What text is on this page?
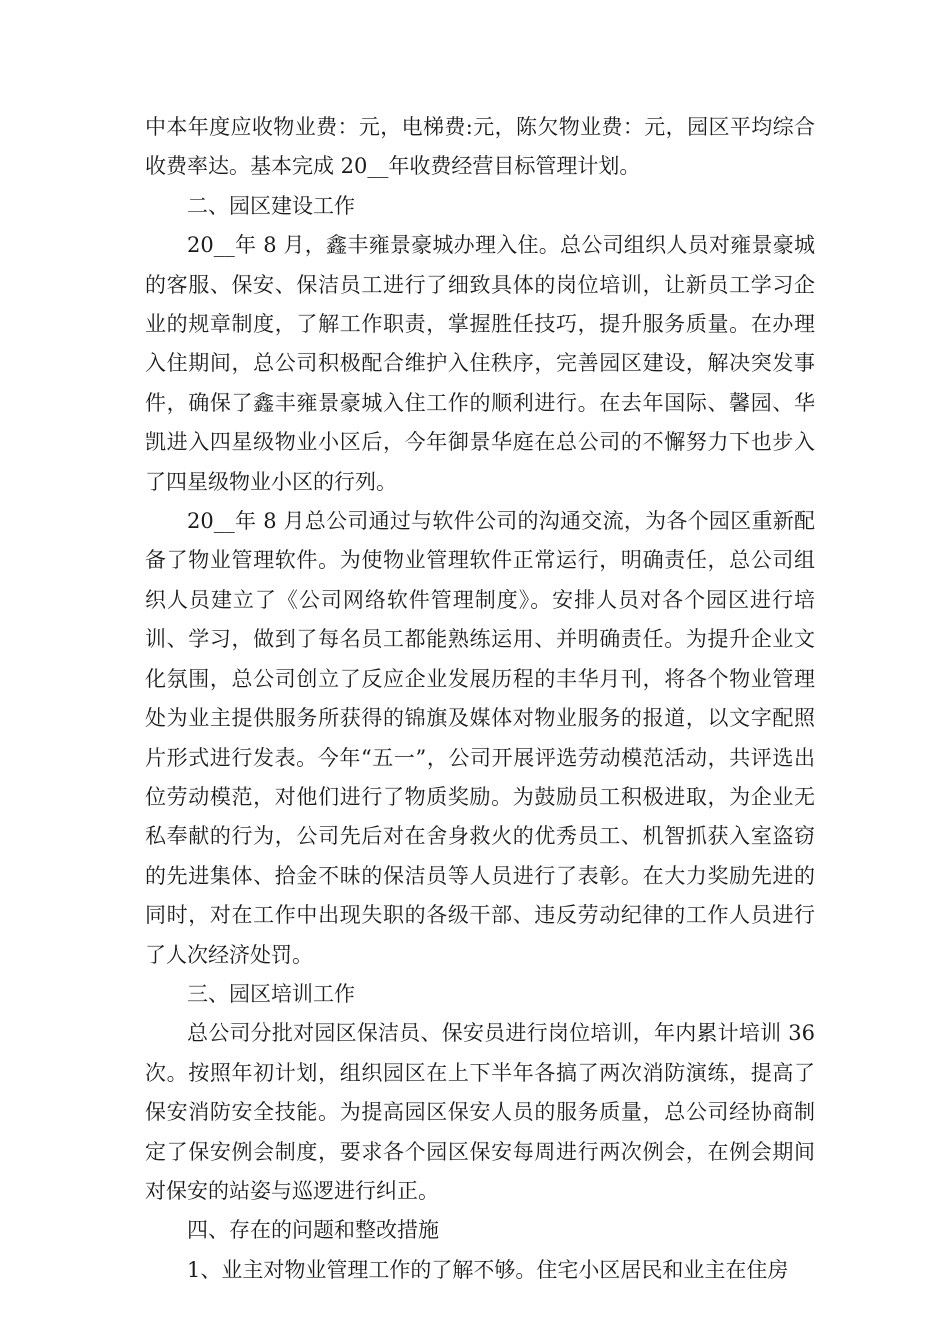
中本年度应收物业费：元，电梯费:元，陈欠物业费：元，园区平均综合收费率达。基本完成 20__年收费经营目标管理计划。

二、园区建设工作

20__年 8 月，鑫丰雍景豪城办理入住。总公司组织人员对雍景豪城的客服、保安、保洁员工进行了细致具体的岗位培训，让新员工学习企业的规章制度，了解工作职责，掌握胜任技巧，提升服务质量。在办理入住期间，总公司积极配合维护入住秩序，完善园区建设，解决突发事件，确保了鑫丰雍景豪城入住工作的顺利进行。在去年国际、馨园、华凯进入四星级物业小区后，今年御景华庭在总公司的不懈努力下也步入了四星级物业小区的行列。

20__年 8 月总公司通过与软件公司的沟通交流，为各个园区重新配备了物业管理软件。为使物业管理软件正常运行，明确责任，总公司组织人员建立了《公司网络软件管理制度》。安排人员对各个园区进行培训、学习，做到了每名员工都能熟练运用、并明确责任。为提升企业文化氛围，总公司创立了反应企业发展历程的丰华月刊，将各个物业管理处为业主提供服务所获得的锦旗及媒体对物业服务的报道，以文字配照片形式进行发表。今年“五一”，公司开展评选劳动模范活动，共评选出位劳动模范，对他们进行了物质奖励。为鼓励员工积极进取，为企业无私奉献的行为，公司先后对在舍身救火的优秀员工、机智抓获入室盗窃的先进集体、拾金不昧的保洁员等人员进行了表彰。在大力奖励先进的同时，对在工作中出现失职的各级干部、违反劳动纪律的工作人员进行了人次经济处罚。

三、园区培训工作

总公司分批对园区保洁员、保安员进行岗位培训，年内累计培训 36 次。按照年初计划，组织园区在上下半年各搞了两次消防演练，提高了保安消防安全技能。为提高园区保安人员的服务质量，总公司经协商制定了保安例会制度，要求各个园区保安每周进行两次例会，在例会期间对保安的站姿与巡逻进行纠正。

四、存在的问题和整改措施

1、业主对物业管理工作的了解不够。住宅小区居民和业主在住房
